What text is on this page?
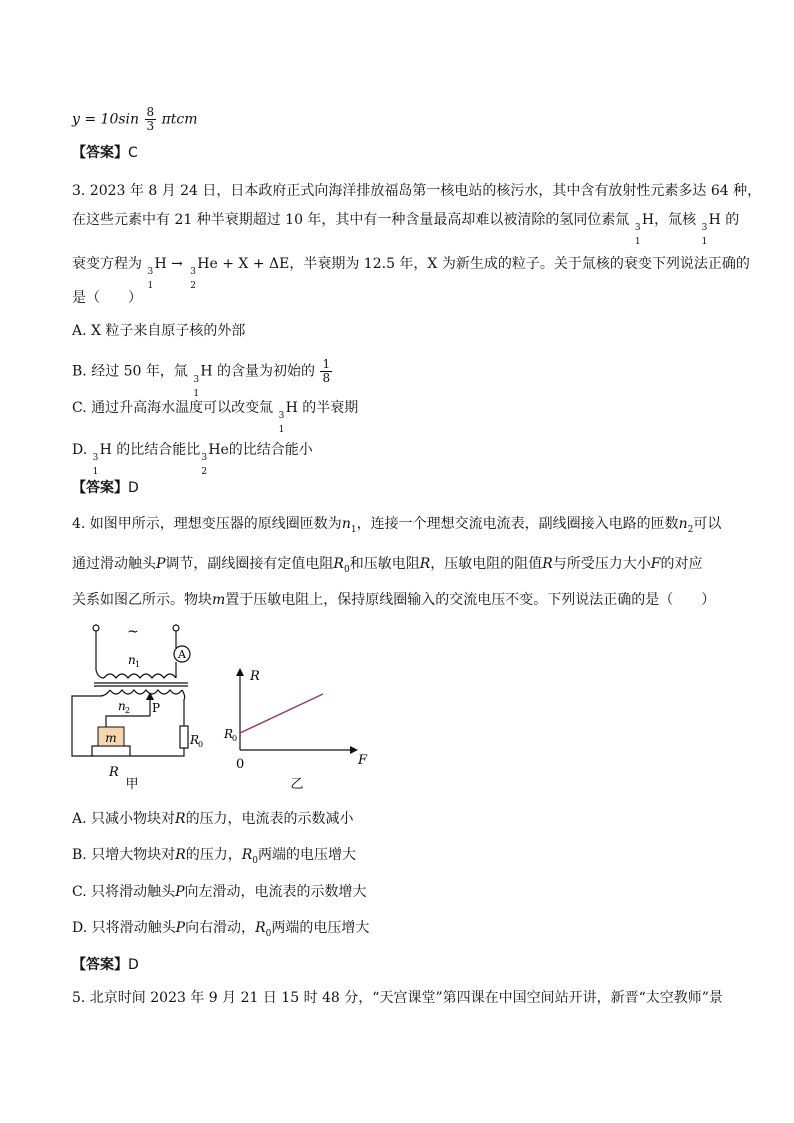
$y = 10\sin \frac{8}{3}$ πtcm
【答案】C
3. 2023 年 8 月 24 日，日本政府正式向海洋排放福岛第一核电站的核污水，其中含有放射性元素多达 64 种，
在这些元素中有 21 种半衰期超过 10 年，其中有一种含量最高却难以被清除的氢同位素氚 3
1
H，氚核 3
1
H 的
衰变方程为 3
1
H → 3
2
He + X + ΔE，半衰期为 12.5 年，X 为新生成的粒子。关于氚核的衰变下列说法正确的
是（　　）
A. X 粒子来自原子核的外部
B. 经过 50 年，氚 3
1
H 的含量为初始的 $\frac{1}{8}$
C. 通过升高海水温度可以改变氚 3
1
H 的半衰期
D. 3
1
H 的比结合能比 3
2
He的比结合能小
【答案】D
4. 如图甲所示，理想变压器的原线圈匝数为$n_1$，连接一个理想交流电流表，副线圈接入电路的匝数$n_2$可以
通过滑动触头P调节，副线圈接有定值电阻$R_0$和压敏电阻R，压敏电阻的阻值R与所受压力大小F的对应
关系如图乙所示。物块m置于压敏电阻上，保持原线圈输入的交流电压不变。下列说法正确的是（　　）
A
~
n 1
n 2 P
R
0
m
R
甲
R
R
0
0	F
乙
A. 只减小物块对R的压力，电流表的示数减小
B. 只增大物块对R的压力，$R_0$两端的电压增大
C. 只将滑动触头P向左滑动，电流表的示数增大
D. 只将滑动触头P向右滑动，$R_0$两端的电压增大
【答案】D
5. 北京时间 2023 年 9 月 21 日 15 时 48 分，“天宫课堂”第四课在中国空间站开讲，新晋“太空教师”景
